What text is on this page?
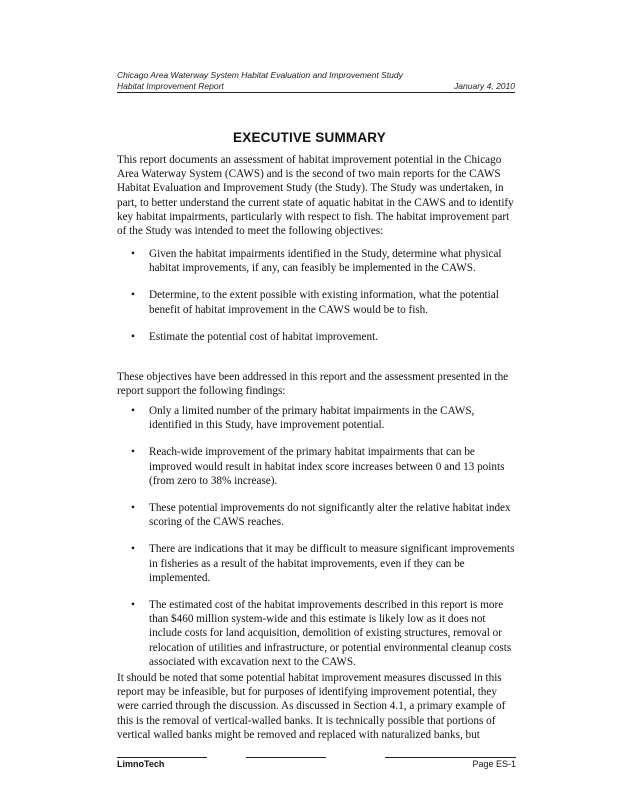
Chicago Area Waterway System Habitat Evaluation and Improvement Study
Habitat Improvement Report	January 4, 2010
EXECUTIVE SUMMARY
This report documents an assessment of habitat improvement potential in the Chicago Area Waterway System (CAWS) and is the second of two main reports for the CAWS Habitat Evaluation and Improvement Study (the Study). The Study was undertaken, in part, to better understand the current state of aquatic habitat in the CAWS and to identify key habitat impairments, particularly with respect to fish. The habitat improvement part of the Study was intended to meet the following objectives:
• Given the habitat impairments identified in the Study, determine what physical habitat improvements, if any, can feasibly be implemented in the CAWS.
• Determine, to the extent possible with existing information, what the potential benefit of habitat improvement in the CAWS would be to fish.
• Estimate the potential cost of habitat improvement.
These objectives have been addressed in this report and the assessment presented in the report support the following findings:
• Only a limited number of the primary habitat impairments in the CAWS, identified in this Study, have improvement potential.
• Reach-wide improvement of the primary habitat impairments that can be improved would result in habitat index score increases between 0 and 13 points (from zero to 38% increase).
• These potential improvements do not significantly alter the relative habitat index scoring of the CAWS reaches.
• There are indications that it may be difficult to measure significant improvements in fisheries as a result of the habitat improvements, even if they can be implemented.
• The estimated cost of the habitat improvements described in this report is more than $460 million system-wide and this estimate is likely low as it does not include costs for land acquisition, demolition of existing structures, removal or relocation of utilities and infrastructure, or potential environmental cleanup costs associated with excavation next to the CAWS.
It should be noted that some potential habitat improvement measures discussed in this report may be infeasible, but for purposes of identifying improvement potential, they were carried through the discussion. As discussed in Section 4.1, a primary example of this is the removal of vertical-walled banks. It is technically possible that portions of vertical walled banks might be removed and replaced with naturalized banks, but
LimnoTech	Page ES-1
